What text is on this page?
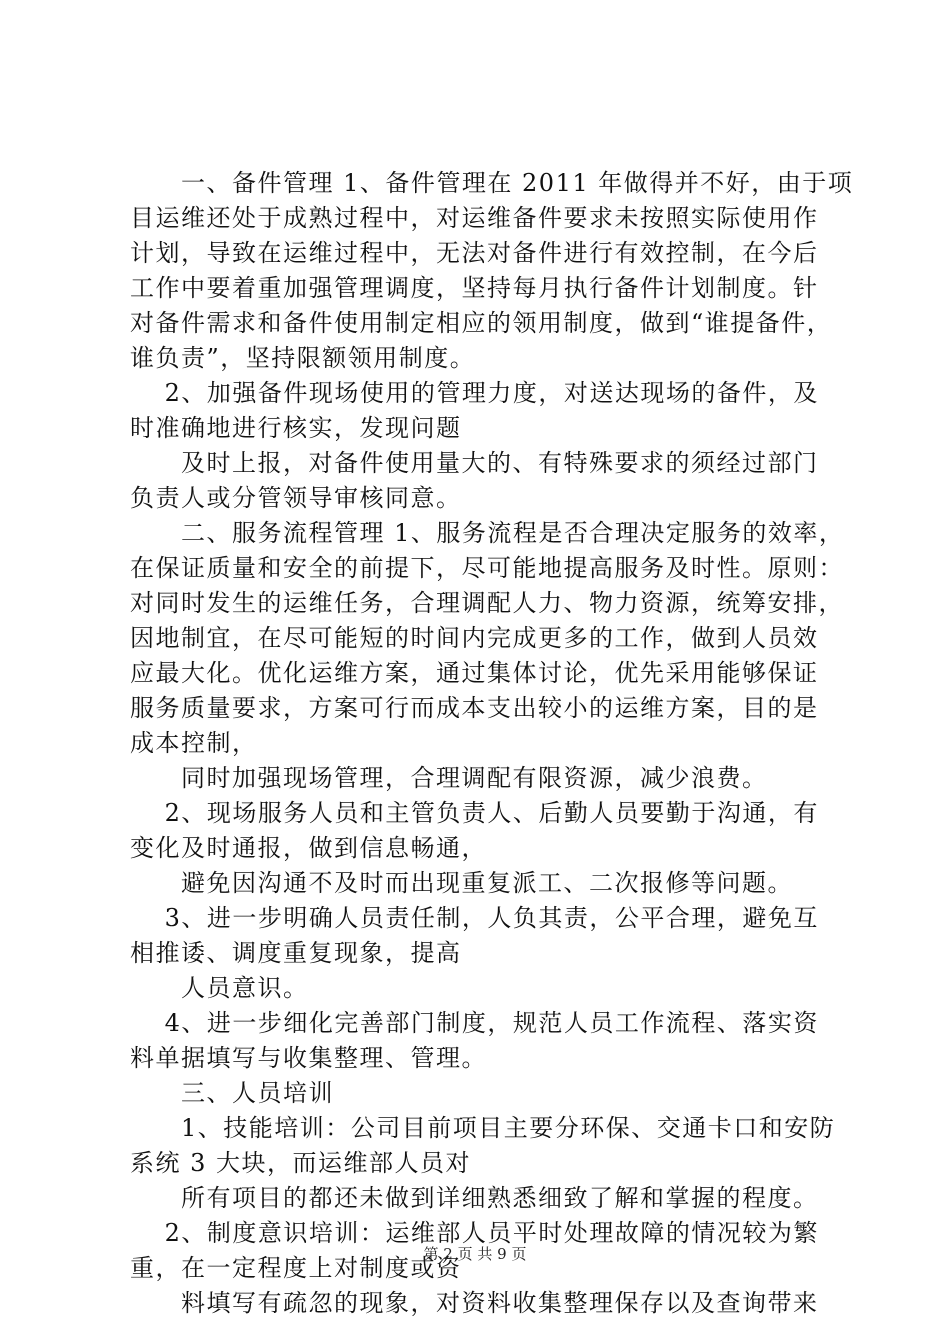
　　一、备件管理 1、备件管理在 2011 年做得并不好，由于项
目运维还处于成熟过程中，对运维备件要求未按照实际使用作
计划，导致在运维过程中，无法对备件进行有效控制，在今后
工作中要着重加强管理调度，坚持每月执行备件计划制度。针
对备件需求和备件使用制定相应的领用制度，做到“谁提备件，
谁负责”，坚持限额领用制度。
　 2、加强备件现场使用的管理力度，对送达现场的备件，及
时准确地进行核实，发现问题
　　及时上报，对备件使用量大的、有特殊要求的须经过部门
负责人或分管领导审核同意。
　　二、服务流程管理 1、服务流程是否合理决定服务的效率，
在保证质量和安全的前提下，尽可能地提高服务及时性。原则：
对同时发生的运维任务，合理调配人力、物力资源，统筹安排，
因地制宜，在尽可能短的时间内完成更多的工作，做到人员效
应最大化。优化运维方案，通过集体讨论，优先采用能够保证
服务质量要求，方案可行而成本支出较小的运维方案，目的是
成本控制，
　　同时加强现场管理，合理调配有限资源，减少浪费。
　 2、现场服务人员和主管负责人、后勤人员要勤于沟通，有
变化及时通报，做到信息畅通，
　　避免因沟通不及时而出现重复派工、二次报修等问题。
　 3、进一步明确人员责任制，人负其责，公平合理，避免互
相推诿、调度重复现象，提高
　　人员意识。
　 4、进一步细化完善部门制度，规范人员工作流程、落实资
料单据填写与收集整理、管理。
　　三、人员培训
　　1、技能培训：公司目前项目主要分环保、交通卡口和安防
系统 3 大块，而运维部人员对
　　所有项目的都还未做到详细熟悉细致了解和掌握的程度。
　 2、制度意识培训：运维部人员平时处理故障的情况较为繁
重，在一定程度上对制度或资
　　料填写有疏忽的现象，对资料收集整理保存以及查询带来
第 2 页 共 9 页
